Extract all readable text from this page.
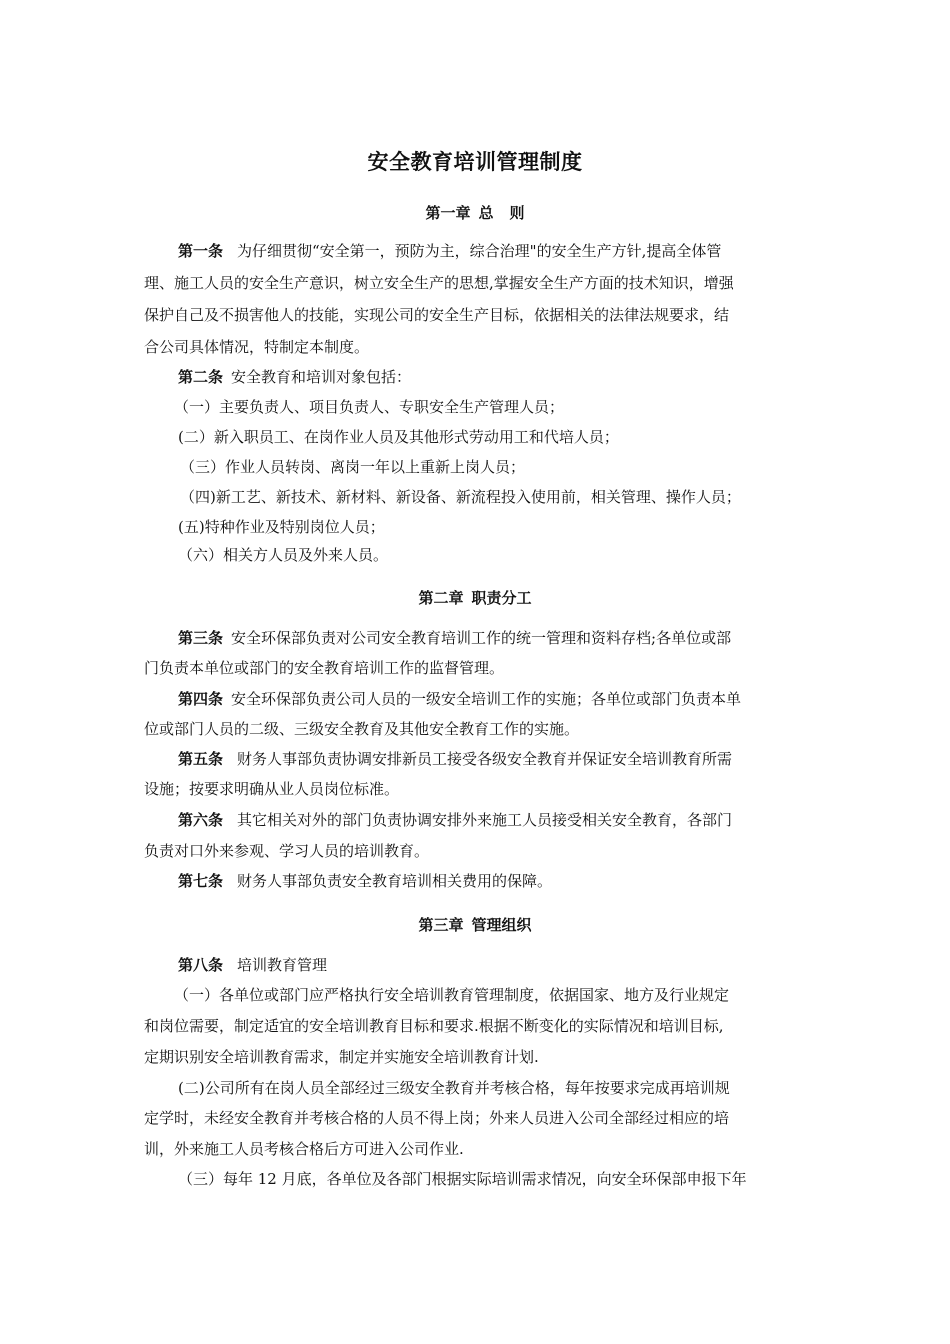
安全教育培训管理制度
第一章 总 则
第一条 为仔细贯彻“安全第一，预防为主，综合治理"的安全生产方针,提高全体管
理、施工人员的安全生产意识，树立安全生产的思想,掌握安全生产方面的技术知识，增强
保护自己及不损害他人的技能，实现公司的安全生产目标，依据相关的法律法规要求，结
合公司具体情况，特制定本制度。
第二条 安全教育和培训对象包括：
（一）主要负责人、项目负责人、专职安全生产管理人员；
(二）新入职员工、在岗作业人员及其他形式劳动用工和代培人员；
（三）作业人员转岗、离岗一年以上重新上岗人员；
（四)新工艺、新技术、新材料、新设备、新流程投入使用前，相关管理、操作人员；
(五)特种作业及特别岗位人员；
（六）相关方人员及外来人员。
第二章 职责分工
第三条 安全环保部负责对公司安全教育培训工作的统一管理和资料存档;各单位或部
门负责本单位或部门的安全教育培训工作的监督管理。
第四条 安全环保部负责公司人员的一级安全培训工作的实施；各单位或部门负责本单
位或部门人员的二级、三级安全教育及其他安全教育工作的实施。
第五条 财务人事部负责协调安排新员工接受各级安全教育并保证安全培训教育所需
设施；按要求明确从业人员岗位标准。
第六条 其它相关对外的部门负责协调安排外来施工人员接受相关安全教育，各部门
负责对口外来参观、学习人员的培训教育。
第七条 财务人事部负责安全教育培训相关费用的保障。
第三章 管理组织
第八条 培训教育管理
（一）各单位或部门应严格执行安全培训教育管理制度，依据国家、地方及行业规定
和岗位需要，制定适宜的安全培训教育目标和要求.根据不断变化的实际情况和培训目标,
定期识别安全培训教育需求，制定并实施安全培训教育计划.
(二)公司所有在岗人员全部经过三级安全教育并考核合格，每年按要求完成再培训规
定学时，未经安全教育并考核合格的人员不得上岗；外来人员进入公司全部经过相应的培
训，外来施工人员考核合格后方可进入公司作业.
（三）每年 12 月底，各单位及各部门根据实际培训需求情况，向安全环保部申报下年
